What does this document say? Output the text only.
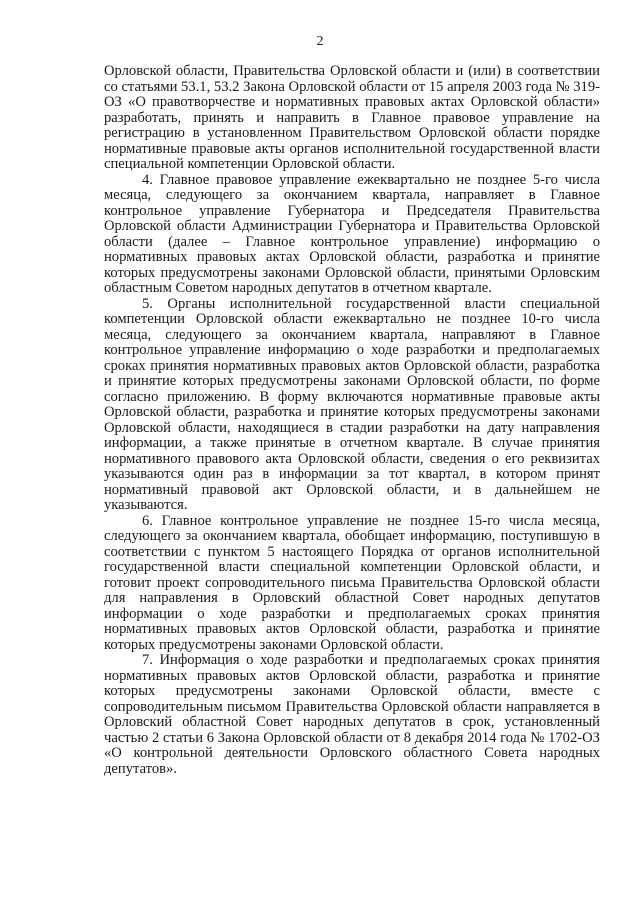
2

Орловской области, Правительства Орловской области и (или) в соответствии со статьями 53.1, 53.2 Закона Орловской области от 15 апреля 2003 года № 319-ОЗ «О правотворчестве и нормативных правовых актах Орловской области» разработать, принять и направить в Главное правовое управление на регистрацию в установленном Правительством Орловской области порядке нормативные правовые акты органов исполнительной государственной власти специальной компетенции Орловской области.

4. Главное правовое управление ежеквартально не позднее 5-го числа месяца, следующего за окончанием квартала, направляет в Главное контрольное управление Губернатора и Председателя Правительства Орловской области Администрации Губернатора и Правительства Орловской области (далее – Главное контрольное управление) информацию о нормативных правовых актах Орловской области, разработка и принятие которых предусмотрены законами Орловской области, принятыми Орловским областным Советом народных депутатов в отчетном квартале.

5. Органы исполнительной государственной власти специальной компетенции Орловской области ежеквартально не позднее 10-го числа месяца, следующего за окончанием квартала, направляют в Главное контрольное управление информацию о ходе разработки и предполагаемых сроках принятия нормативных правовых актов Орловской области, разработка и принятие которых предусмотрены законами Орловской области, по форме согласно приложению. В форму включаются нормативные правовые акты Орловской области, разработка и принятие которых предусмотрены законами Орловской области, находящиеся в стадии разработки на дату направления информации, а также принятые в отчетном квартале. В случае принятия нормативного правового акта Орловской области, сведения о его реквизитах указываются один раз в информации за тот квартал, в котором принят нормативный правовой акт Орловской области, и в дальнейшем не указываются.

6. Главное контрольное управление не позднее 15-го числа месяца, следующего за окончанием квартала, обобщает информацию, поступившую в соответствии с пунктом 5 настоящего Порядка от органов исполнительной государственной власти специальной компетенции Орловской области, и готовит проект сопроводительного письма Правительства Орловской области для направления в Орловский областной Совет народных депутатов информации о ходе разработки и предполагаемых сроках принятия нормативных правовых актов Орловской области, разработка и принятие которых предусмотрены законами Орловской области.

7. Информация о ходе разработки и предполагаемых сроках принятия нормативных правовых актов Орловской области, разработка и принятие которых предусмотрены законами Орловской области, вместе с сопроводительным письмом Правительства Орловской области направляется в Орловский областной Совет народных депутатов в срок, установленный частью 2 статьи 6 Закона Орловской области от 8 декабря 2014 года № 1702-ОЗ «О контрольной деятельности Орловского областного Совета народных депутатов».
